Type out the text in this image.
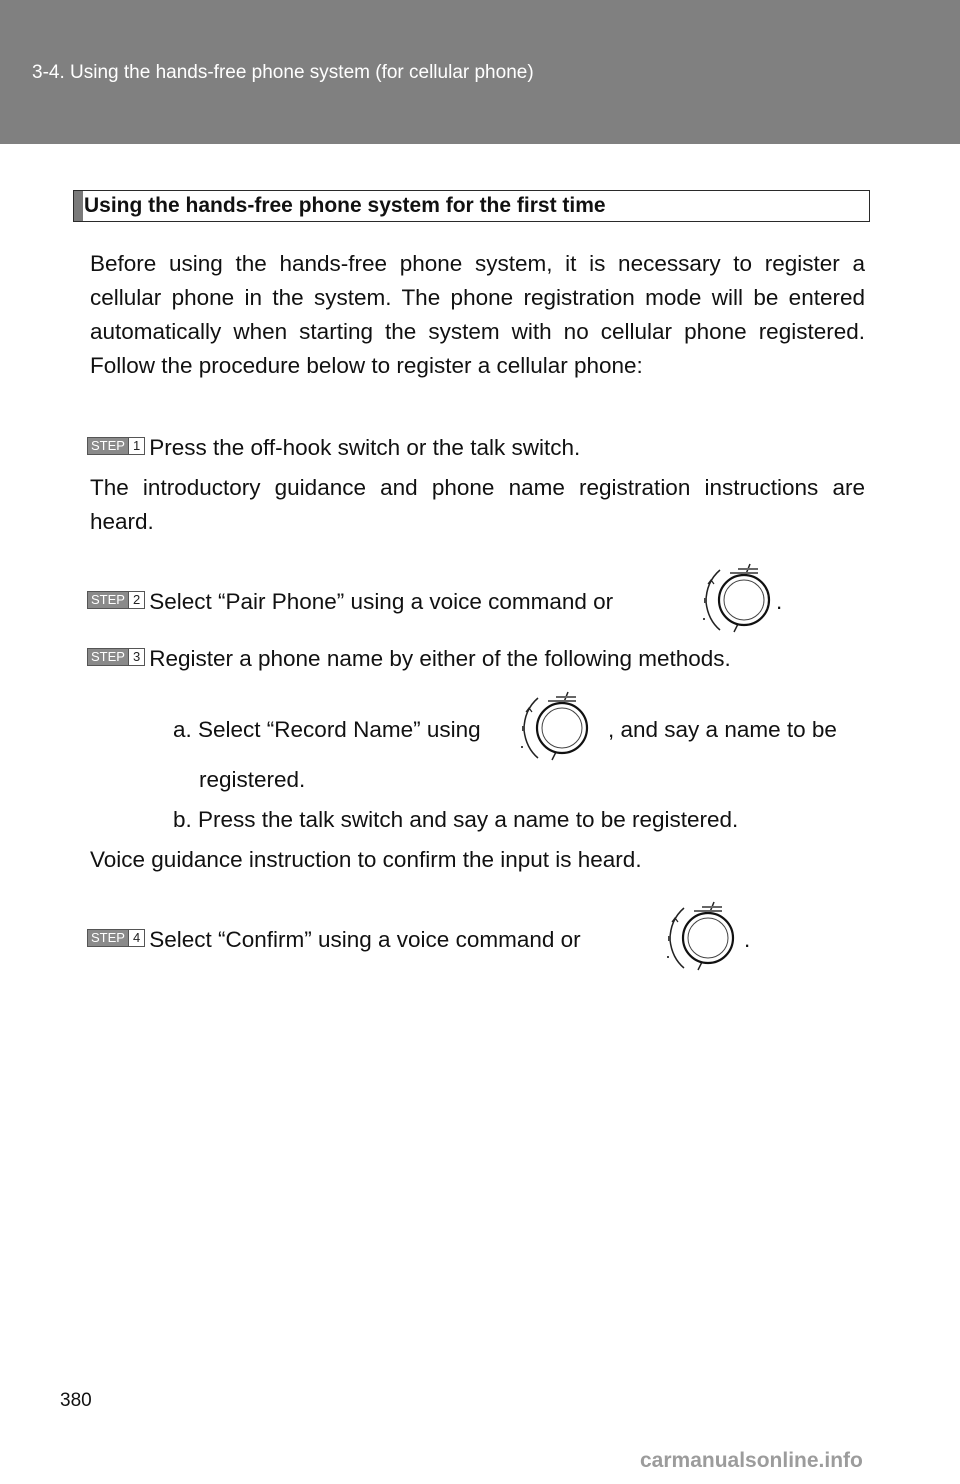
3-4. Using the hands-free phone system (for cellular phone)
Using the hands-free phone system for the first time
Before using the hands-free phone system, it is necessary to register a cellular phone in the system. The phone registration mode will be entered automatically when starting the system with no cellular phone registered. Follow the procedure below to register a cellular phone:
STEP 1 Press the off-hook switch or the talk switch.
The introductory guidance and phone name registration instructions are heard.
STEP 2 Select “Pair Phone” using a voice command or	.
STEP 3 Register a phone name by either of the following methods.
a. Select “Record Name” using	, and say a name to be
registered.
b. Press the talk switch and say a name to be registered.
Voice guidance instruction to confirm the input is heard.
STEP 4 Select “Confirm” using a voice command or	.
380
carmanualsonline.info
